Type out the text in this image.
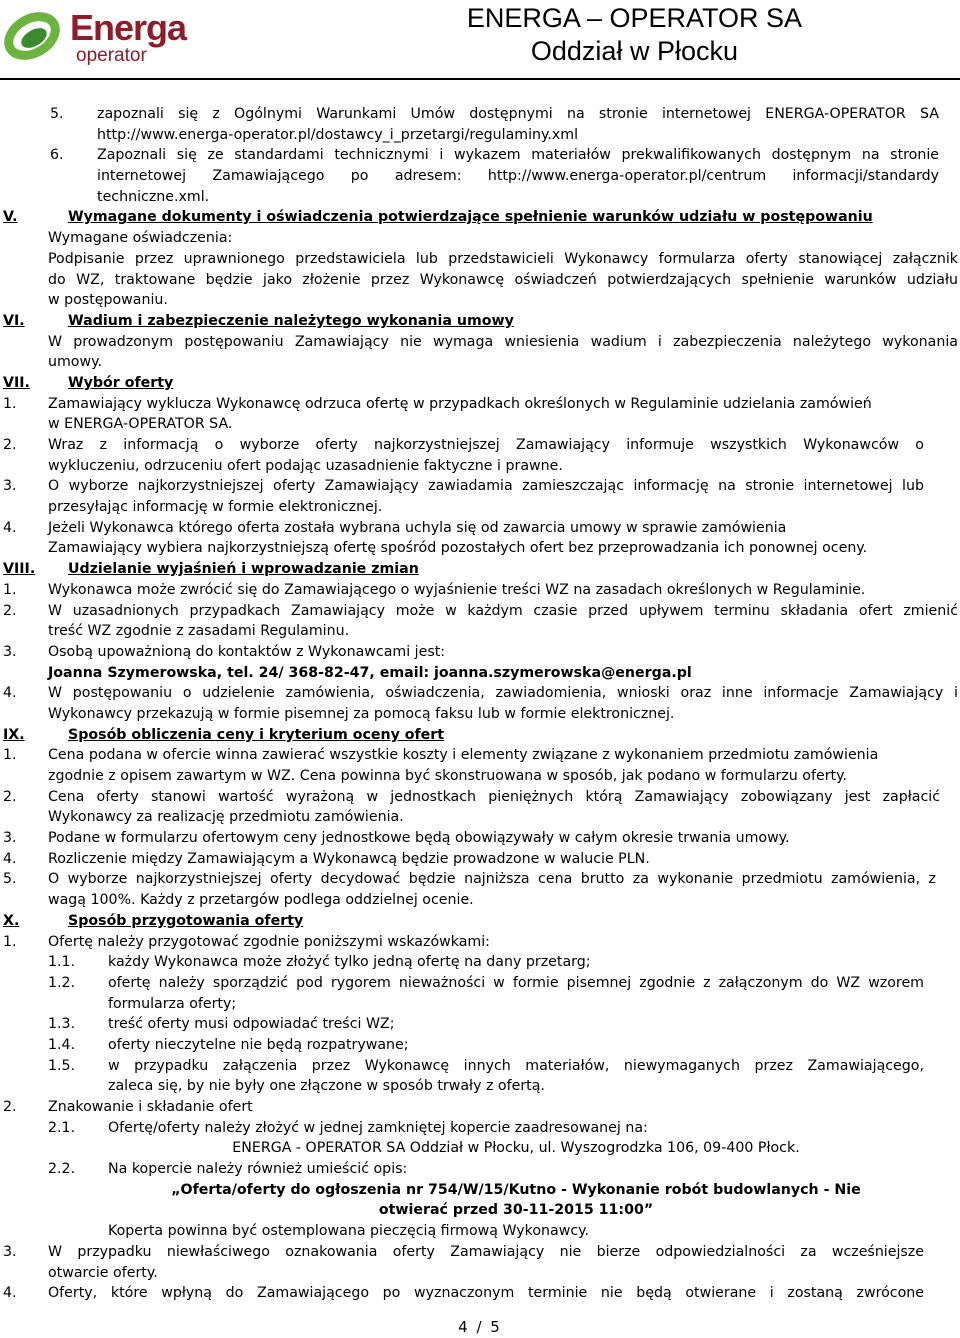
Energa
operator
ENERGA – OPERATOR SA
Oddział w Płocku
5. zapoznali się z Ogólnymi Warunkami Umów dostępnymi na stronie internetowej ENERGA-OPERATOR SA
http://www.energa-operator.pl/dostawcy_i_przetargi/regulaminy.xml
6. Zapoznali się ze standardami technicznymi i wykazem materiałów prekwalifikowanych dostępnym na stronie
internetowej Zamawiającego po adresem: http://www.energa-operator.pl/centrum informacji/standardy
techniczne.xml.
V.	Wymagane dokumenty i oświadczenia potwierdzające spełnienie warunków udziału w postępowaniu
Wymagane oświadczenia:
Podpisanie przez uprawnionego przedstawiciela lub przedstawicieli Wykonawcy formularza oferty stanowiącej załącznik
do WZ, traktowane będzie jako złożenie przez Wykonawcę oświadczeń potwierdzających spełnienie warunków udziału
w postępowaniu.
VI.	Wadium i zabezpieczenie należytego wykonania umowy
W prowadzonym postępowaniu Zamawiający nie wymaga wniesienia wadium i zabezpieczenia należytego wykonania
umowy.
VII.	Wybór oferty
1. Zamawiający wyklucza Wykonawcę odrzuca ofertę w przypadkach określonych w Regulaminie udzielania zamówień
w ENERGA-OPERATOR SA.
2. Wraz z informacją o wyborze oferty najkorzystniejszej Zamawiający informuje wszystkich Wykonawców o
wykluczeniu, odrzuceniu ofert podając uzasadnienie faktyczne i prawne.
3. O wyborze najkorzystniejszej oferty Zamawiający zawiadamia zamieszczając informację na stronie internetowej lub
przesyłając informację w formie elektronicznej.
4. Jeżeli Wykonawca którego oferta została wybrana uchyla się od zawarcia umowy w sprawie zamówienia
Zamawiający wybiera najkorzystniejszą ofertę spośród pozostałych ofert bez przeprowadzania ich ponownej oceny.
VIII. Udzielanie wyjaśnień i wprowadzanie zmian
1. Wykonawca może zwrócić się do Zamawiającego o wyjaśnienie treści WZ na zasadach określonych w Regulaminie.
2. W uzasadnionych przypadkach Zamawiający może w każdym czasie przed upływem terminu składania ofert zmienić
treść WZ zgodnie z zasadami Regulaminu.
3. Osobą upoważnioną do kontaktów z Wykonawcami jest:
Joanna Szymerowska, tel. 24/ 368-82-47, email: joanna.szymerowska@energa.pl
4. W postępowaniu o udzielenie zamówienia, oświadczenia, zawiadomienia, wnioski oraz inne informacje Zamawiający i
Wykonawcy przekazują w formie pisemnej za pomocą faksu lub w formie elektronicznej.
IX.	Sposób obliczenia ceny i kryterium oceny ofert
1. Cena podana w ofercie winna zawierać wszystkie koszty i elementy związane z wykonaniem przedmiotu zamówienia
zgodnie z opisem zawartym w WZ. Cena powinna być skonstruowana w sposób, jak podano w formularzu oferty.
2. Cena oferty stanowi wartość wyrażoną w jednostkach pieniężnych którą Zamawiający zobowiązany jest zapłacić
Wykonawcy za realizację przedmiotu zamówienia.
3. Podane w formularzu ofertowym ceny jednostkowe będą obowiązywały w całym okresie trwania umowy.
4. Rozliczenie między Zamawiającym a Wykonawcą będzie prowadzone w walucie PLN.
5. O wyborze najkorzystniejszej oferty decydować będzie najniższa cena brutto za wykonanie przedmiotu zamówienia, z
wagą 100%. Każdy z przetargów podlega oddzielnej ocenie.
X.	Sposób przygotowania oferty
1. Ofertę należy przygotować zgodnie poniższymi wskazówkami:
1.1. każdy Wykonawca może złożyć tylko jedną ofertę na dany przetarg;
1.2. ofertę należy sporządzić pod rygorem nieważności w formie pisemnej zgodnie z załączonym do WZ wzorem
formularza oferty;
1.3. treść oferty musi odpowiadać treści WZ;
1.4. oferty nieczytelne nie będą rozpatrywane;
1.5. w przypadku załączenia przez Wykonawcę innych materiałów, niewymaganych przez Zamawiającego,
zaleca się, by nie były one złączone w sposób trwały z ofertą.
2. Znakowanie i składanie ofert
2.1. Ofertę/oferty należy złożyć w jednej zamkniętej kopercie zaadresowanej na:
ENERGA - OPERATOR SA Oddział w Płocku, ul. Wyszogrodzka 106, 09-400 Płock.
2.2. Na kopercie należy również umieścić opis:
„Oferta/oferty do ogłoszenia nr 754/W/15/Kutno - Wykonanie robót budowlanych - Nie
otwierać przed 30-11-2015 11:00”
Koperta powinna być ostemplowana pieczęcią firmową Wykonawcy.
3. W przypadku niewłaściwego oznakowania oferty Zamawiający nie bierze odpowiedzialności za wcześniejsze
otwarcie oferty.
4. Oferty, które wpłyną do Zamawiającego po wyznaczonym terminie nie będą otwierane i zostaną zwrócone
4 / 5
